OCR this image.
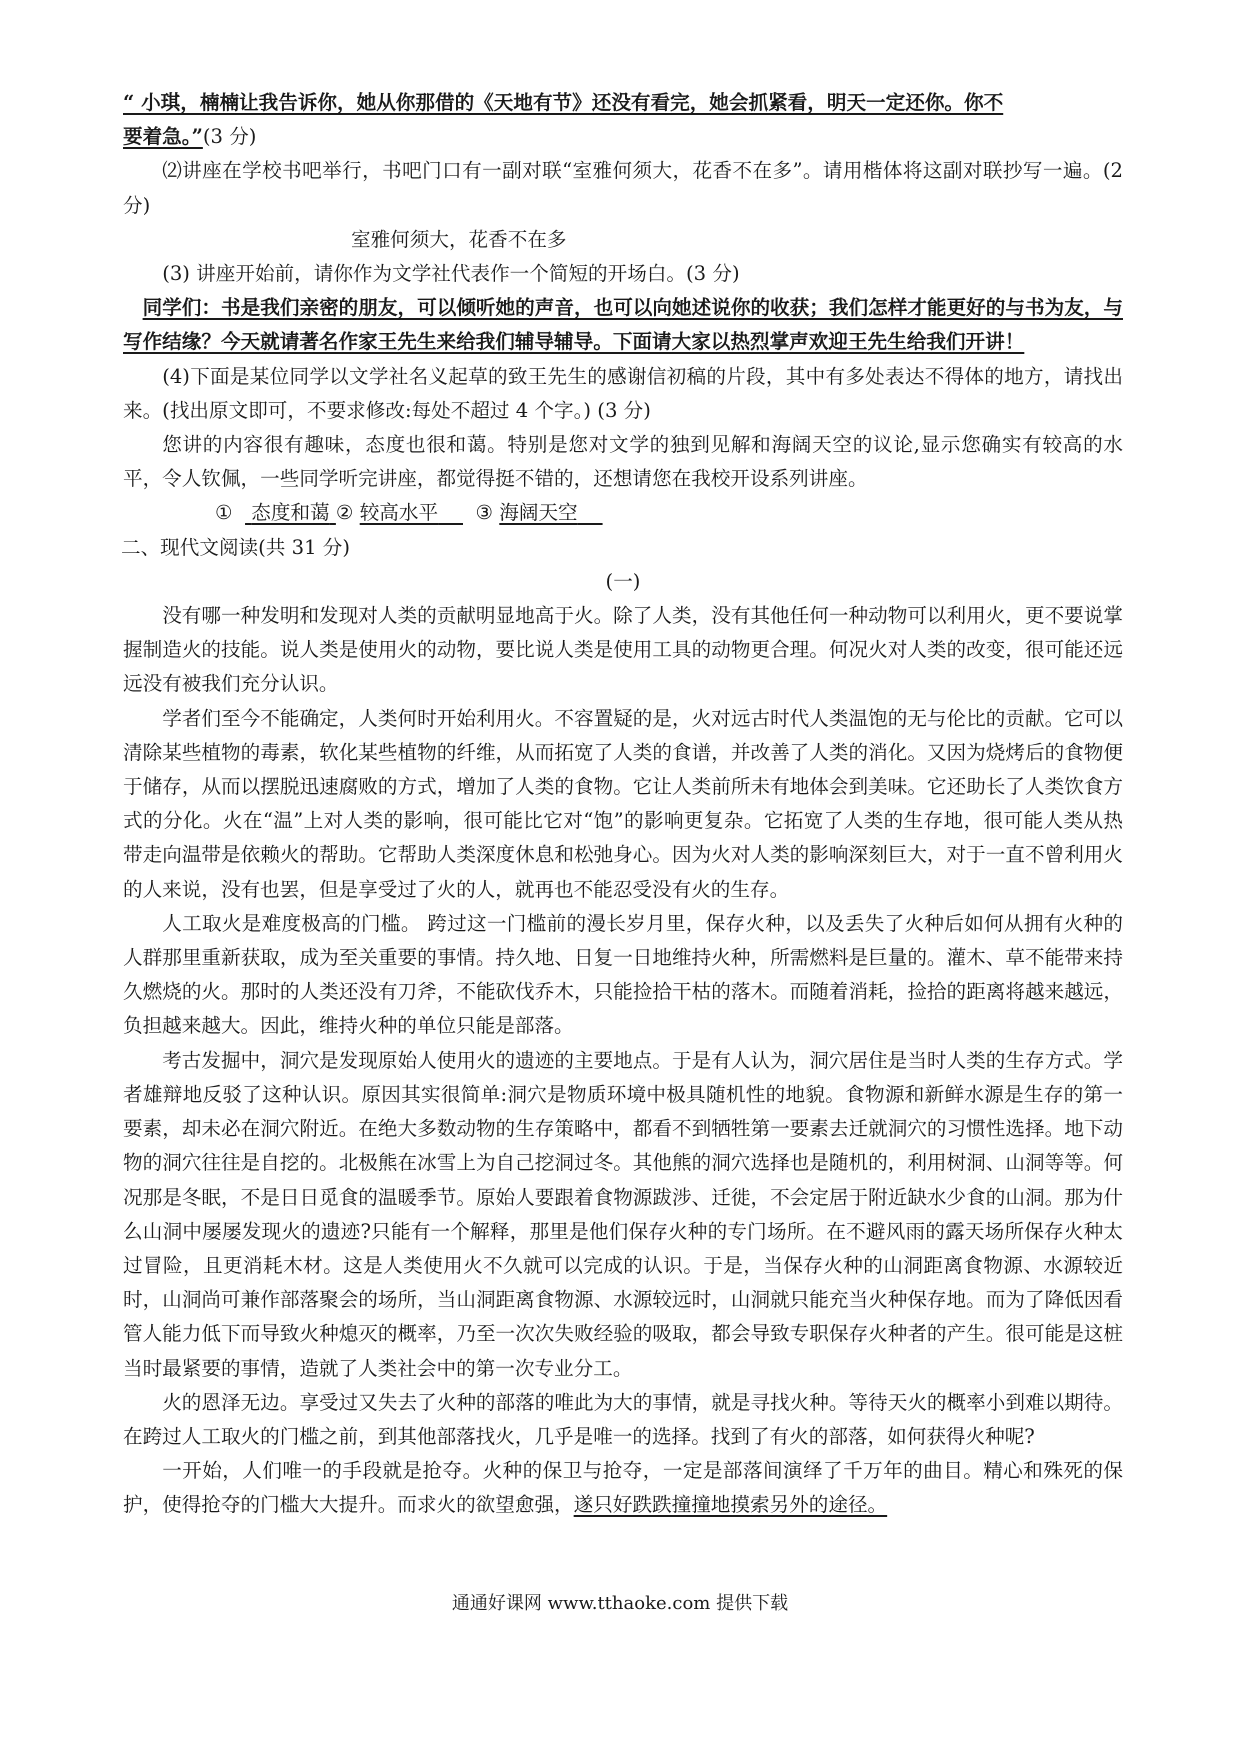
“ 小琪，楠楠让我告诉你，她从你那借的《天地有节》还没有看完，她会抓紧看，明天一定还你。你不
要着急。”(3 分)

⑵讲座在学校书吧举行，书吧门口有一副对联“室雅何须大，花香不在多”。请用楷体将这副对联抄写一遍。(2 分)

室雅何须大，花香不在多

(3) 讲座开始前，请你作为文学社代表作一个简短的开场白。(3 分)

同学们：书是我们亲密的朋友，可以倾听她的声音，也可以向她述说你的收获；我们怎样才能更好的与书为友，与写作结缘？今天就请著名作家王先生来给我们辅导辅导。下面请大家以热烈掌声欢迎王先生给我们开讲！

(4)下面是某位同学以文学社名义起草的致王先生的感谢信初稿的片段，其中有多处表达不得体的地方，请找出来。(找出原文即可，不要求修改:每处不超过 4 个字。) (3 分)

您讲的内容很有趣味，态度也很和蔼。特别是您对文学的独到见解和海阔天空的议论,显示您确实有较高的水平，令人钦佩，一些同学听完讲座，都觉得挺不错的，还想请您在我校开设系列讲座。

① 态度和蔼 ② 较高水平 ③ 海阔天空

二、现代文阅读(共 31 分)

(一)

没有哪一种发明和发现对人类的贡献明显地高于火。除了人类，没有其他任何一种动物可以利用火，更不要说掌握制造火的技能。说人类是使用火的动物，要比说人类是使用工具的动物更合理。何况火对人类的改变，很可能还远远没有被我们充分认识。

学者们至今不能确定，人类何时开始利用火。不容置疑的是，火对远古时代人类温饱的无与伦比的贡献。它可以清除某些植物的毒素，软化某些植物的纤维，从而拓宽了人类的食谱，并改善了人类的消化。又因为烧烤后的食物便于储存，从而以摆脱迅速腐败的方式，增加了人类的食物。它让人类前所未有地体会到美味。它还助长了人类饮食方式的分化。火在“温”上对人类的影响，很可能比它对“饱”的影响更复杂。它拓宽了人类的生存地，很可能人类从热带走向温带是依赖火的帮助。它帮助人类深度休息和松弛身心。因为火对人类的影响深刻巨大，对于一直不曾利用火的人来说，没有也罢，但是享受过了火的人，就再也不能忍受没有火的生存。

人工取火是难度极高的门槛。 跨过这一门槛前的漫长岁月里，保存火种，以及丢失了火种后如何从拥有火种的人群那里重新获取，成为至关重要的事情。持久地、日复一日地维持火种，所需燃料是巨量的。灌木、草不能带来持久燃烧的火。那时的人类还没有刀斧，不能砍伐乔木，只能捡拾干枯的落木。而随着消耗，捡拾的距离将越来越远，负担越来越大。因此，维持火种的单位只能是部落。

考古发掘中，洞穴是发现原始人使用火的遗迹的主要地点。于是有人认为，洞穴居住是当时人类的生存方式。学者雄辩地反驳了这种认识。原因其实很简单:洞穴是物质环境中极具随机性的地貌。食物源和新鲜水源是生存的第一要素，却未必在洞穴附近。在绝大多数动物的生存策略中，都看不到牺牲第一要素去迁就洞穴的习惯性选择。地下动物的洞穴往往是自挖的。北极熊在冰雪上为自己挖洞过冬。其他熊的洞穴选择也是随机的，利用树洞、山洞等等。何况那是冬眠，不是日日觅食的温暖季节。原始人要跟着食物源跋涉、迁徙，不会定居于附近缺水少食的山洞。那为什么山洞中屡屡发现火的遗迹?只能有一个解释，那里是他们保存火种的专门场所。在不避风雨的露天场所保存火种太过冒险，且更消耗木材。这是人类使用火不久就可以完成的认识。于是，当保存火种的山洞距离食物源、水源较近时，山洞尚可兼作部落聚会的场所，当山洞距离食物源、水源较远时，山洞就只能充当火种保存地。而为了降低因看管人能力低下而导致火种熄灭的概率，乃至一次次失败经验的吸取，都会导致专职保存火种者的产生。很可能是这桩当时最紧要的事情，造就了人类社会中的第一次专业分工。

火的恩泽无边。享受过又失去了火种的部落的唯此为大的事情，就是寻找火种。等待天火的概率小到难以期待。在跨过人工取火的门槛之前，到其他部落找火，几乎是唯一的选择。找到了有火的部落，如何获得火种呢?

一开始，人们唯一的手段就是抢夺。火种的保卫与抢夺，一定是部落间演绎了千万年的曲目。精心和殊死的保护，使得抢夺的门槛大大提升。而求火的欲望愈强，遂只好跌跌撞撞地摸索另外的途径。

通通好课网 www.tthaoke.com 提供下载
